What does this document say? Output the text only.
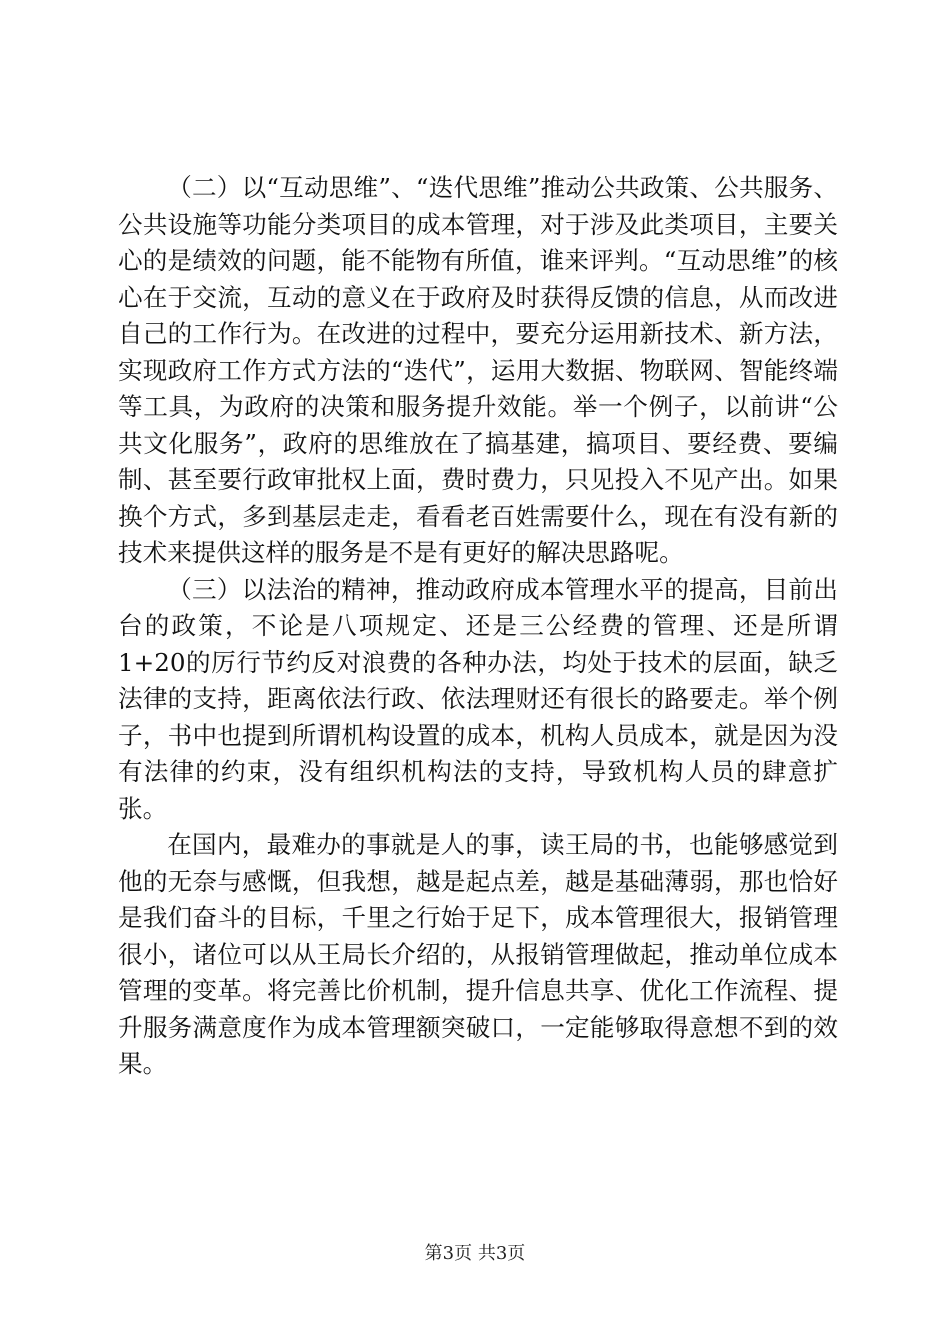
（二）以“互动思维”、“迭代思维”推动公共政策、公共服务、公共设施等功能分类项目的成本管理，对于涉及此类项目，主要关心的是绩效的问题，能不能物有所值，谁来评判。“互动思维”的核心在于交流，互动的意义在于政府及时获得反馈的信息，从而改进自己的工作行为。在改进的过程中，要充分运用新技术、新方法，实现政府工作方式方法的“迭代”，运用大数据、物联网、智能终端等工具，为政府的决策和服务提升效能。举一个例子，以前讲“公共文化服务”，政府的思维放在了搞基建，搞项目、要经费、要编制、甚至要行政审批权上面，费时费力，只见投入不见产出。如果换个方式，多到基层走走，看看老百姓需要什么，现在有没有新的技术来提供这样的服务是不是有更好的解决思路呢。

（三）以法治的精神，推动政府成本管理水平的提高，目前出台的政策，不论是八项规定、还是三公经费的管理、还是所谓1+20的厉行节约反对浪费的各种办法，均处于技术的层面，缺乏法律的支持，距离依法行政、依法理财还有很长的路要走。举个例子，书中也提到所谓机构设置的成本，机构人员成本，就是因为没有法律的约束，没有组织机构法的支持，导致机构人员的肆意扩张。

在国内，最难办的事就是人的事，读王局的书，也能够感觉到他的无奈与感慨，但我想，越是起点差，越是基础薄弱，那也恰好是我们奋斗的目标，千里之行始于足下，成本管理很大，报销管理很小，诸位可以从王局长介绍的，从报销管理做起，推动单位成本管理的变革。将完善比价机制，提升信息共享、优化工作流程、提升服务满意度作为成本管理额突破口，一定能够取得意想不到的效果。

第3页 共3页
